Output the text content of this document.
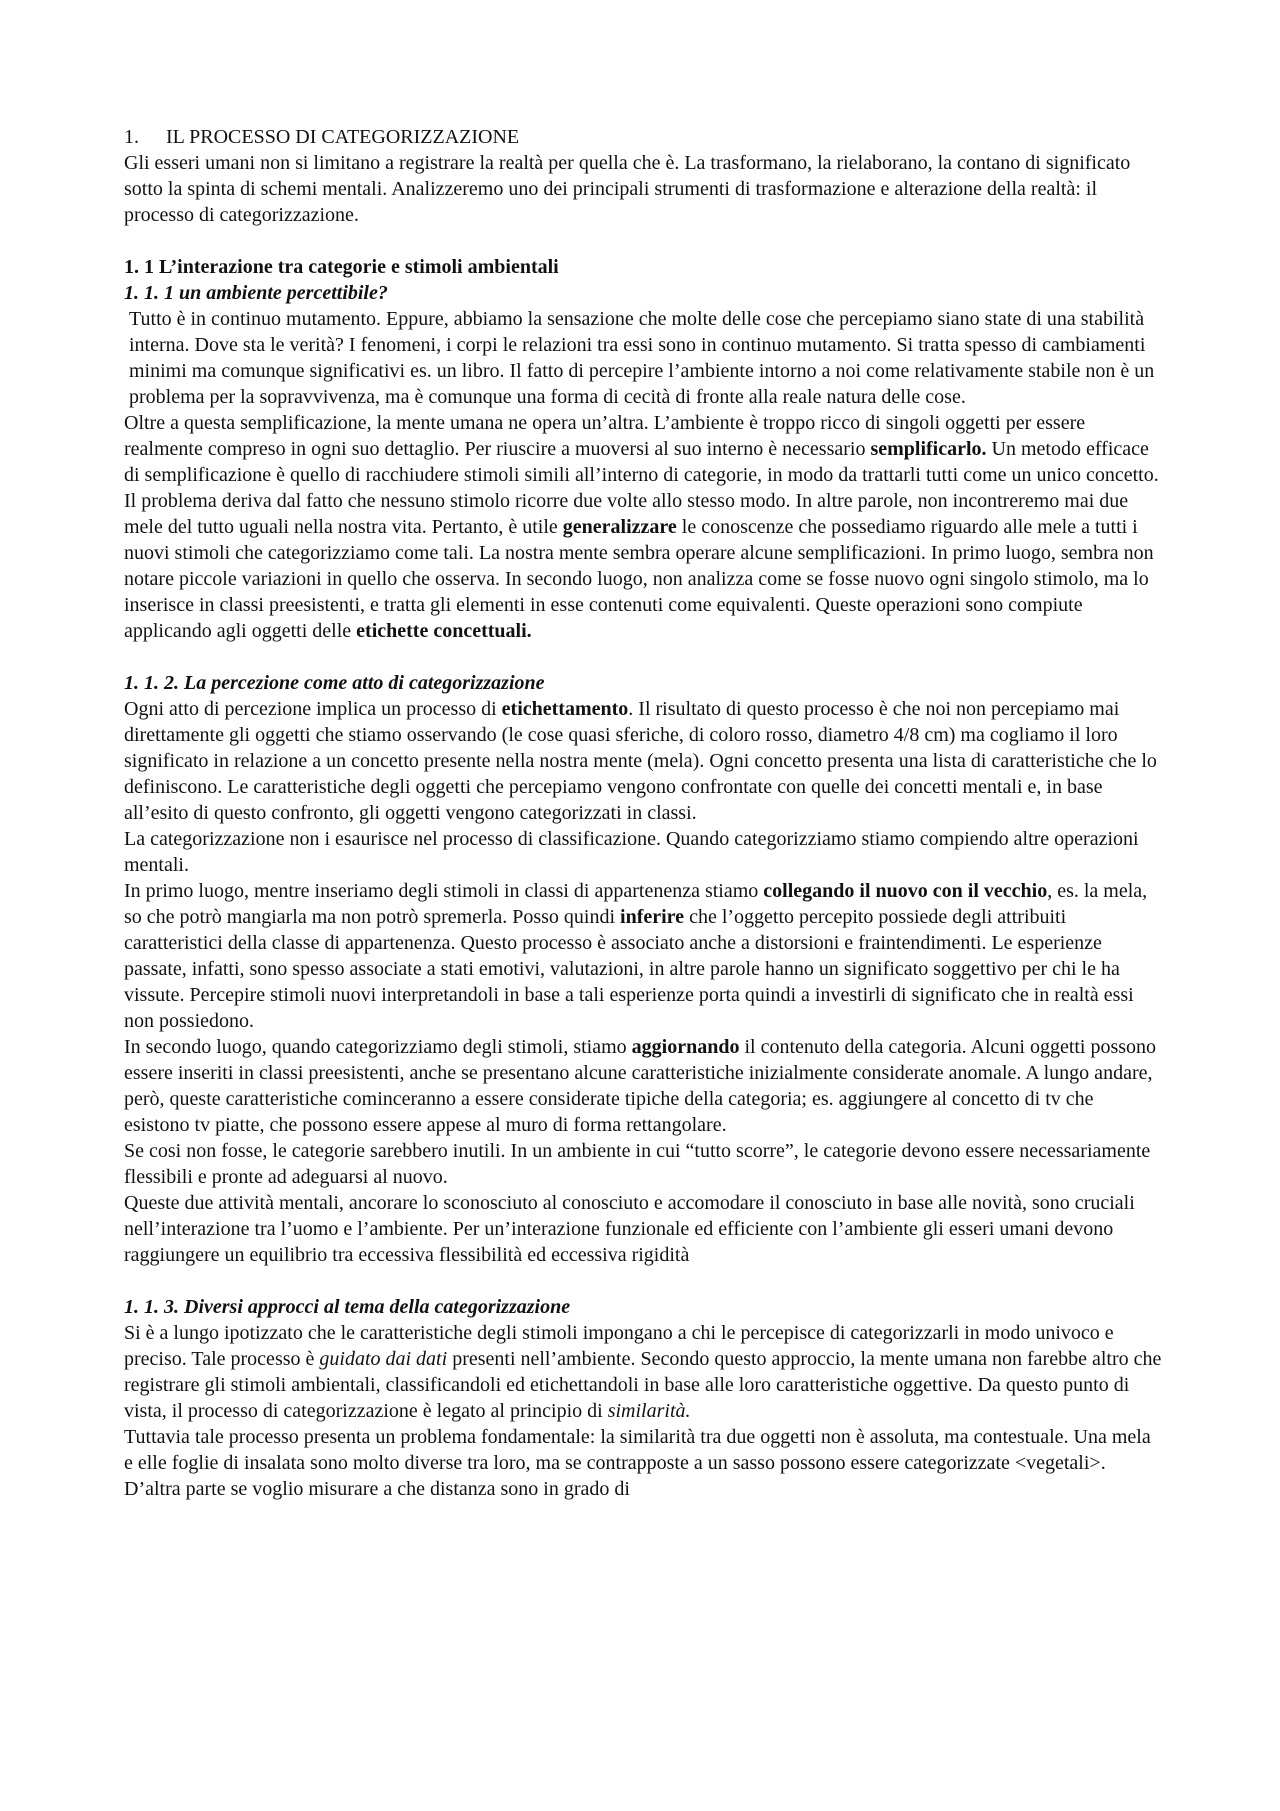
1. IL PROCESSO DI CATEGORIZZAZIONE

Gli esseri umani non si limitano a registrare la realtà per quella che è. La trasformano, la rielaborano, la contano di significato sotto la spinta di schemi mentali. Analizzeremo uno dei principali strumenti di trasformazione e alterazione della realtà: il processo di categorizzazione.

1. 1 L’interazione tra categorie e stimoli ambientali

1. 1. 1 un ambiente percettibile?

Tutto è in continuo mutamento. Eppure, abbiamo la sensazione che molte delle cose che percepiamo siano state di una stabilità interna. Dove sta le verità? I fenomeni, i corpi le relazioni tra essi sono in continuo mutamento. Si tratta spesso di cambiamenti minimi ma comunque significativi es. un libro. Il fatto di percepire l’ambiente intorno a noi come relativamente stabile non è un problema per la sopravvivenza, ma è comunque una forma di cecità di fronte alla reale natura delle cose.

Oltre a questa semplificazione, la mente umana ne opera un’altra. L’ambiente è troppo ricco di singoli oggetti per essere realmente compreso in ogni suo dettaglio. Per riuscire a muoversi al suo interno è necessario semplificarlo. Un metodo efficace di semplificazione è quello di racchiudere stimoli simili all’interno di categorie, in modo da trattarli tutti come un unico concetto.

Il problema deriva dal fatto che nessuno stimolo ricorre due volte allo stesso modo. In altre parole, non incontreremo mai due mele del tutto uguali nella nostra vita. Pertanto, è utile generalizzare le conoscenze che possediamo riguardo alle mele a tutti i nuovi stimoli che categorizziamo come tali. La nostra mente sembra operare alcune semplificazioni. In primo luogo, sembra non notare piccole variazioni in quello che osserva. In secondo luogo, non analizza come se fosse nuovo ogni singolo stimolo, ma lo inserisce in classi preesistenti, e tratta gli elementi in esse contenuti come equivalenti. Queste operazioni sono compiute applicando agli oggetti delle etichette concettuali.

1. 1. 2. La percezione come atto di categorizzazione

Ogni atto di percezione implica un processo di etichettamento. Il risultato di questo processo è che noi non percepiamo mai direttamente gli oggetti che stiamo osservando (le cose quasi sferiche, di coloro rosso, diametro 4/8 cm) ma cogliamo il loro significato in relazione a un concetto presente nella nostra mente (mela). Ogni concetto presenta una lista di caratteristiche che lo definiscono. Le caratteristiche degli oggetti che percepiamo vengono confrontate con quelle dei concetti mentali e, in base all’esito di questo confronto, gli oggetti vengono categorizzati in classi.

La categorizzazione non i esaurisce nel processo di classificazione. Quando categorizziamo stiamo compiendo altre operazioni mentali.

In primo luogo, mentre inseriamo degli stimoli in classi di appartenenza stiamo collegando il nuovo con il vecchio, es. la mela, so che potrò mangiarla ma non potrò spremerla. Posso quindi inferire che l’oggetto percepito possiede degli attribuiti caratteristici della classe di appartenenza. Questo processo è associato anche a distorsioni e fraintendimenti. Le esperienze passate, infatti, sono spesso associate a stati emotivi, valutazioni, in altre parole hanno un significato soggettivo per chi le ha vissute. Percepire stimoli nuovi interpretandoli in base a tali esperienze porta quindi a investirli di significato che in realtà essi non possiedono.

In secondo luogo, quando categorizziamo degli stimoli, stiamo aggiornando il contenuto della categoria. Alcuni oggetti possono essere inseriti in classi preesistenti, anche se presentano alcune caratteristiche inizialmente considerate anomale. A lungo andare, però, queste caratteristiche cominceranno a essere considerate tipiche della categoria; es. aggiungere al concetto di tv che esistono tv piatte, che possono essere appese al muro di forma rettangolare.

Se cosi non fosse, le categorie sarebbero inutili. In un ambiente in cui “tutto scorre”, le categorie devono essere necessariamente flessibili e pronte ad adeguarsi al nuovo.

Queste due attività mentali, ancorare lo sconosciuto al conosciuto e accomodare il conosciuto in base alle novità, sono cruciali nell’interazione tra l’uomo e l’ambiente. Per un’interazione funzionale ed efficiente con l’ambiente gli esseri umani devono raggiungere un equilibrio tra eccessiva flessibilità ed eccessiva rigidità

1. 1. 3. Diversi approcci al tema della categorizzazione

Si è a lungo ipotizzato che le caratteristiche degli stimoli impongano a chi le percepisce di categorizzarli in modo univoco e preciso. Tale processo è guidato dai dati presenti nell’ambiente. Secondo questo approccio, la mente umana non farebbe altro che registrare gli stimoli ambientali, classificandoli ed etichettandoli in base alle loro caratteristiche oggettive. Da questo punto di vista, il processo di categorizzazione è legato al principio di similarità.

Tuttavia tale processo presenta un problema fondamentale: la similarità tra due oggetti non è assoluta, ma contestuale. Una mela e elle foglie di insalata sono molto diverse tra loro, ma se contrapposte a un sasso possono essere categorizzate <vegetali>. D’altra parte se voglio misurare a che distanza sono in grado di
